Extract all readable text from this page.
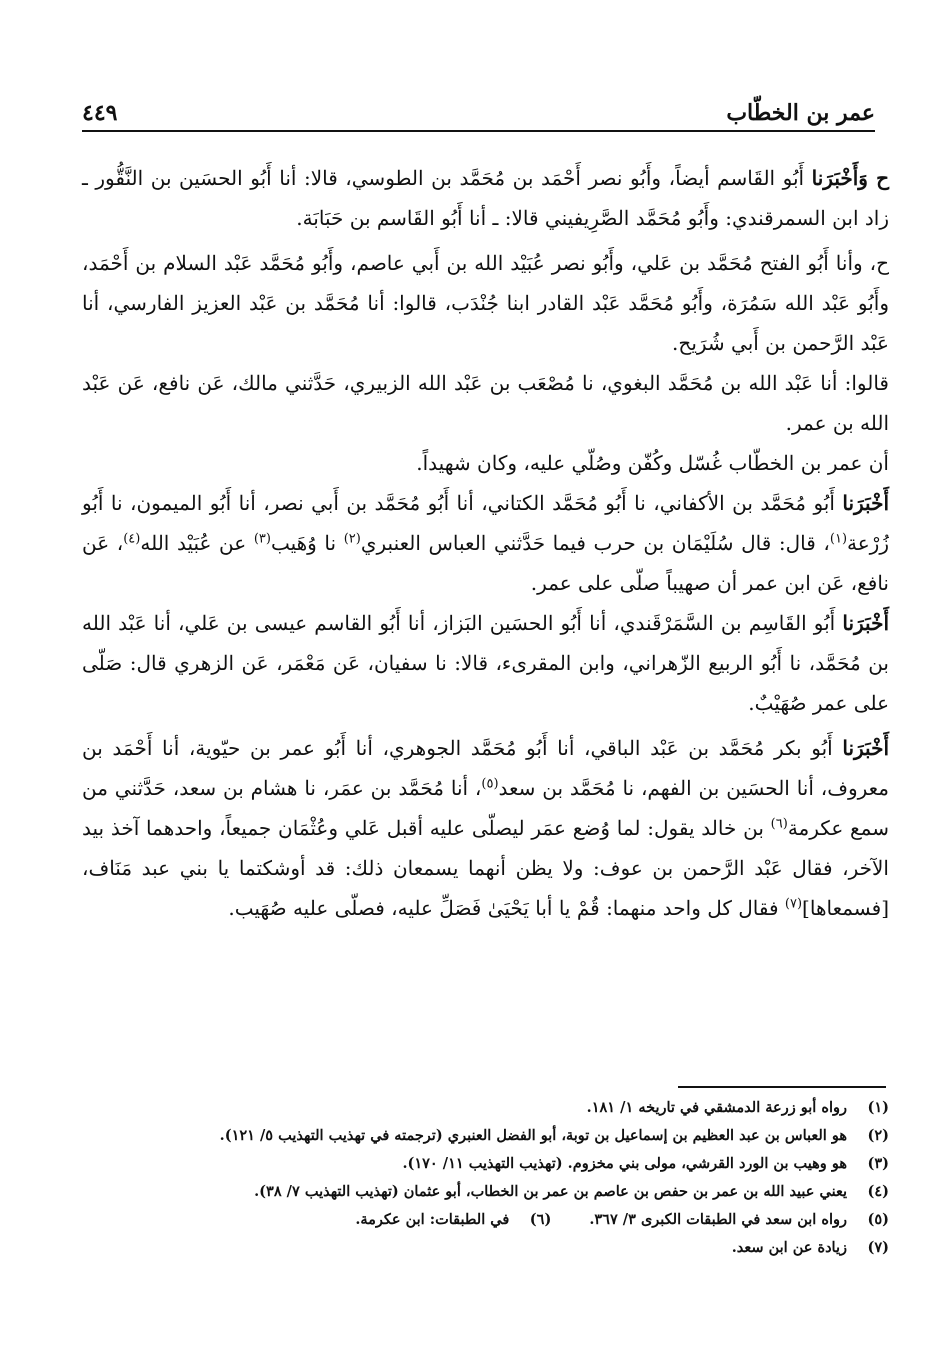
٤٤٩	عمر بن الخطّاب

ح وَأَخْبَرَنا أَبُو القَاسم أيضاً، وأَبُو نصر أَحْمَد بن مُحَمَّد بن الطوسي، قالا: أنا أَبُو الحسَين بن النَّقُّور ـ زاد ابن السمرقندي: وأَبُو مُحَمَّد الصَّرِيفيني قالا: ـ أنا أَبُو القَاسم بن حَبَابَة.

ح، وأنا أَبُو الفتح مُحَمَّد بن عَلي، وأَبُو نصر عُبَيْد الله بن أَبي عاصم، وأَبُو مُحَمَّد عَبْد السلام بن أَحْمَد، وأَبُو عَبْد الله سَمُرَة، وأَبُو مُحَمَّد عَبْد القادر ابنا جُنْدَب، قالوا: أنا مُحَمَّد بن عَبْد العزيز الفارسي، أنا عَبْد الرَّحمن بن أَبي شُرَيح.

قالوا: أنا عَبْد الله بن مُحَمَّد البغوي، نا مُصْعَب بن عَبْد الله الزبيري، حَدَّثني مالك، عَن نافع، عَن عَبْد الله بن عمر.

أن عمر بن الخطّاب غُسّل وكُفّن وصُلّي عليه، وكان شهيداً.

أَخْبَرَنا أَبُو مُحَمَّد بن الأكفاني، نا أَبُو مُحَمَّد الكتاني، أنا أَبُو مُحَمَّد بن أَبي نصر، أنا أَبُو الميمون، نا أَبُو زُرْعة$^{(١)}$، قال: قال سُلَيْمَان بن حرب فيما حَدَّثني العباس العنبري$^{(٢)}$ نا وُهَيب$^{(٣)}$ عن عُبَيْد الله$^{(٤)}$، عَن نافع، عَن ابن عمر أن صهيباً صلّى على عمر.

أَخْبَرَنا أَبُو القَاسِم بن السَّمَرْقَندي، أنا أَبُو الحسَين البَزاز، أنا أَبُو القاسم عيسى بن عَلي، أنا عَبْد الله بن مُحَمَّد، نا أَبُو الربيع الزّهراني، وابن المقرىء، قالا: نا سفيان، عَن مَعْمَر، عَن الزهري قال: صَلّى على عمر صُهَيْبٌ.

أَخْبَرَنا أَبُو بكر مُحَمَّد بن عَبْد الباقي، أنا أَبُو مُحَمَّد الجوهري، أنا أَبُو عمر بن حيّوية، أنا أَحْمَد بن معروف، أنا الحسَين بن الفهم، نا مُحَمَّد بن سعد$^{(٥)}$، أنا مُحَمَّد بن عمَر، نا هشام بن سعد، حَدَّثني من سمع عكرمة$^{(٦)}$ بن خالد يقول: لما وُضع عمَر ليصلّى عليه أقبل عَلي وعُثْمَان جميعاً، واحدهما آخذ بيد الآخر، فقال عَبْد الرَّحمن بن عوف: ولا يظن أنهما يسمعان ذلك: قد أوشكتما يا بني عبد مَنَاف، [فسمعاها]$^{(٧)}$ فقال كل واحد منهما: قُمْ يا أبا يَحْيَىٰ فَصَلِّ عليه، فصلّى عليه صُهَيب.

(١)
رواه أبو زرعة الدمشقي في تاريخه ١/ ١٨١.

(٢)
هو العباس بن عبد العظيم بن إسماعيل بن توبة، أبو الفضل العنبري (ترجمته في تهذيب التهذيب ٥/ ١٢١).

(٣)
هو وهيب بن الورد القرشي، مولى بني مخزوم. (تهذيب التهذيب ١١/ ١٧٠).

(٤)
يعني عبيد الله بن عمر بن حفص بن عاصم بن عمر بن الخطاب، أبو عثمان (تهذيب التهذيب ٧/ ٣٨).

(٥)
رواه ابن سعد في الطبقات الكبرى ٣/ ٣٦٧.
(٦)
في الطبقات: ابن عكرمة.

(٧)
زيادة عن ابن سعد.
